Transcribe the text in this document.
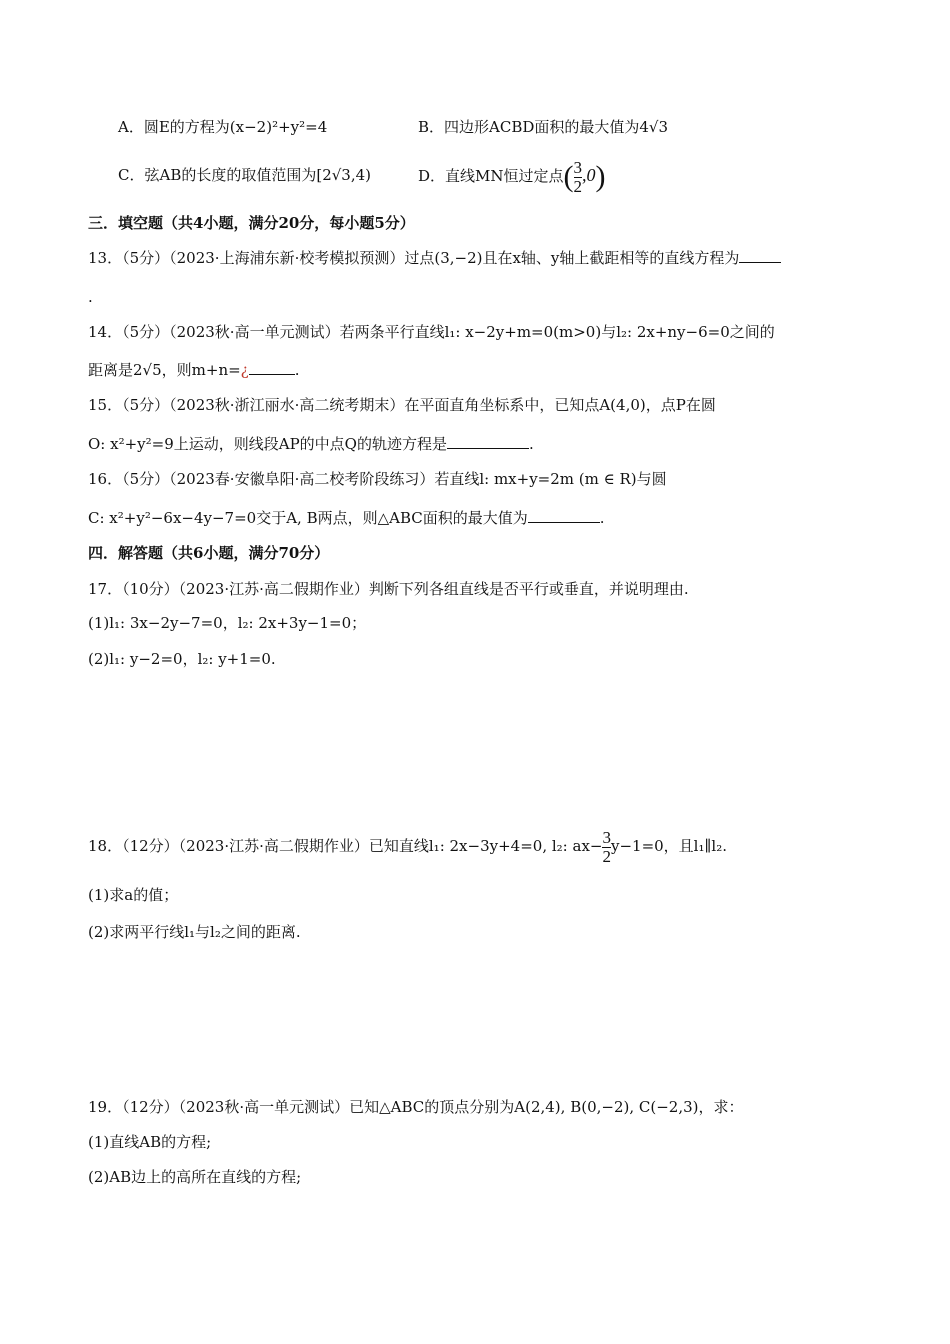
A．圆E的方程为(x−2)²+y²=4	B．四边形ACBD面积的最大值为4√3
C．弦AB的长度的取值范围为[2√3,4)	D．直线MN恒过定点( $\frac{3}{2} ,0$)
三．填空题（共4小题，满分20分，每小题5分）
13．（5分）（2023·上海浦东新·校考模拟预测）过点(3,−2)且在x轴、y轴上截距相等的直线方程为
.
14．（5分）（2023秋·高一单元测试）若两条平行直线l₁: x−2y+m=0(m>0)与l₂: 2x+ny−6=0之间的
距离是2√5，则m+n=¿	.
15．（5分）（2023秋·浙江丽水·高二统考期末）在平面直角坐标系中，已知点A(4,0)，点P在圆
O: x²+y²=9上运动，则线段AP的中点Q的轨迹方程是	.
16．（5分）（2023春·安徽阜阳·高二校考阶段练习）若直线l: mx+y=2m (m ∈ R)与圆
C: x²+y²−6x−4y−7=0交于A, B两点，则△ABC面积的最大值为	.
四．解答题（共6小题，满分70分）
17．（10分）（2023·江苏·高二假期作业）判断下列各组直线是否平行或垂直，并说明理由.
(1)l₁: 3x−2y−7=0，l₂: 2x+3y−1=0；
(2)l₁: y−2=0，l₂: y+1=0.
18．（12分）（2023·江苏·高二假期作业）已知直线l₁: 2x−3y+4=0, l₂: $ax- \frac{3}{2} y-1=0$，且l₁∥l₂.
(1)求a的值；
(2)求两平行线l₁与l₂之间的距离.
19．（12分）（2023秋·高一单元测试）已知△ABC的顶点分别为A(2,4), B(0,−2), C(−2,3)，求：
(1)直线AB的方程;
(2)AB边上的高所在直线的方程;
